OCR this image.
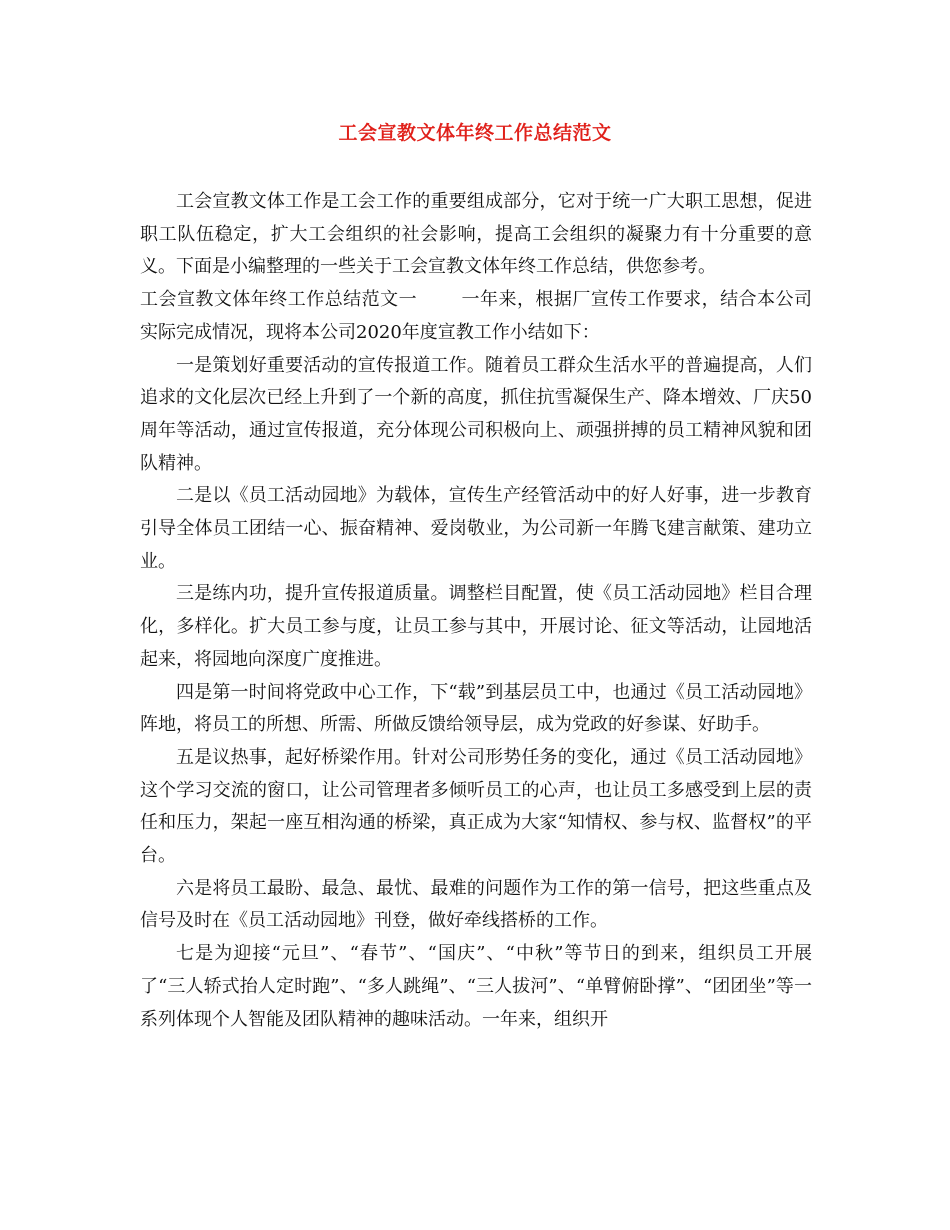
工会宣教文体年终工作总结范文

工会宣教文体工作是工会工作的重要组成部分，它对于统一广大职工思想，促进职工队伍稳定，扩大工会组织的社会影响，提高工会组织的凝聚力有十分重要的意义。下面是小编整理的一些关于工会宣教文体年终工作总结，供您参考。

工会宣教文体年终工作总结范文一 一年来，根据厂宣传工作要求，结合本公司实际完成情况，现将本公司2020年度宣教工作小结如下：

一是策划好重要活动的宣传报道工作。随着员工群众生活水平的普遍提高，人们追求的文化层次已经上升到了一个新的高度，抓住抗雪凝保生产、降本增效、厂庆50周年等活动，通过宣传报道，充分体现公司积极向上、顽强拼搏的员工精神风貌和团队精神。

二是以《员工活动园地》为载体，宣传生产经管活动中的好人好事，进一步教育引导全体员工团结一心、振奋精神、爱岗敬业，为公司新一年腾飞建言献策、建功立业。

三是练内功，提升宣传报道质量。调整栏目配置，使《员工活动园地》栏目合理化，多样化。扩大员工参与度，让员工参与其中，开展讨论、征文等活动，让园地活起来，将园地向深度广度推进。

四是第一时间将党政中心工作，下“载”到基层员工中，也通过《员工活动园地》阵地，将员工的所想、所需、所做反馈给领导层，成为党政的好参谋、好助手。

五是议热事，起好桥梁作用。针对公司形势任务的变化，通过《员工活动园地》这个学习交流的窗口，让公司管理者多倾听员工的心声，也让员工多感受到上层的责任和压力，架起一座互相沟通的桥梁，真正成为大家“知情权、参与权、监督权”的平台。

六是将员工最盼、最急、最忧、最难的问题作为工作的第一信号，把这些重点及信号及时在《员工活动园地》刊登，做好牵线搭桥的工作。

七是为迎接“元旦”、“春节”、“国庆”、“中秋”等节日的到来，组织员工开展了“三人轿式抬人定时跑”、“多人跳绳”、“三人拔河”、“单臂俯卧撑”、“团团坐”等一系列体现个人智能及团队精神的趣味活动。一年来，组织开
